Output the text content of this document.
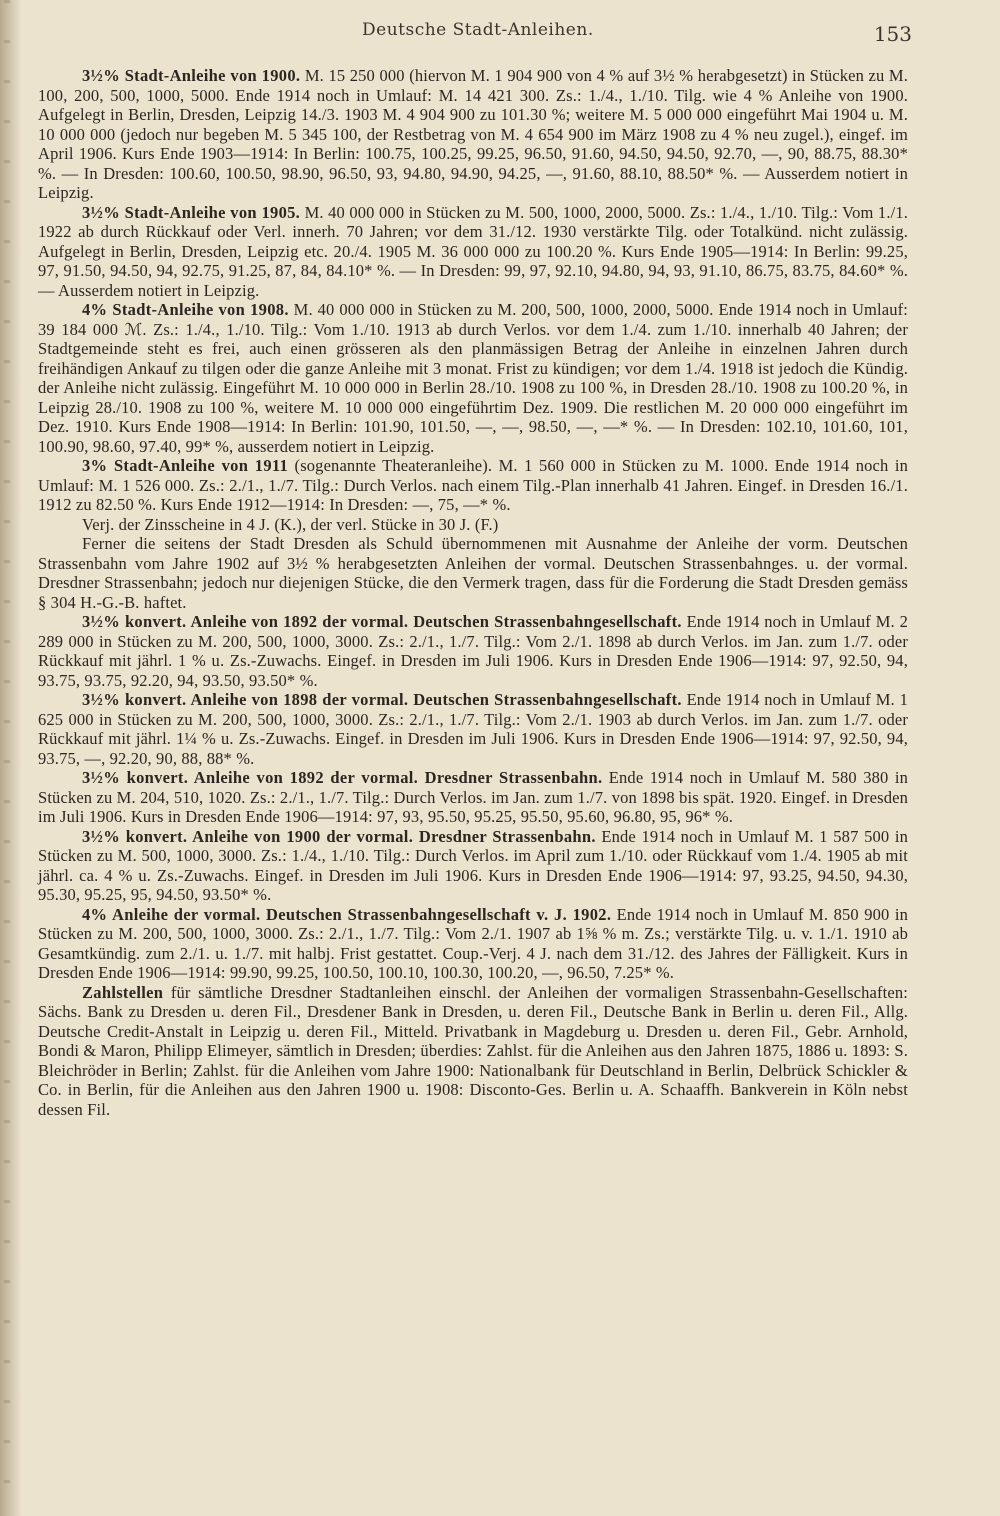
Deutsche Stadt-Anleihen.	153

3½% Stadt-Anleihe von 1900. M. 15 250 000 (hiervon M. 1 904 900 von 4 % auf 3½ % herabgesetzt) in Stücken zu M. 100, 200, 500, 1000, 5000. Ende 1914 noch in Umlauf: M. 14 421 300. Zs.: 1./4., 1./10. Tilg. wie 4 % Anleihe von 1900. Aufgelegt in Berlin, Dresden, Leipzig 14./3. 1903 M. 4 904 900 zu 101.30 %; weitere M. 5 000 000 eingeführt Mai 1904 u. M. 10 000 000 (jedoch nur begeben M. 5 345 100, der Restbetrag von M. 4 654 900 im März 1908 zu 4 % neu zugel.), eingef. im April 1906. Kurs Ende 1903—1914: In Berlin: 100.75, 100.25, 99.25, 96.50, 91.60, 94.50, 94.50, 92.70, —, 90, 88.75, 88.30* %. — In Dresden: 100.60, 100.50, 98.90, 96.50, 93, 94.80, 94.90, 94.25, —, 91.60, 88.10, 88.50* %. — Ausserdem notiert in Leipzig.

3½% Stadt-Anleihe von 1905. M. 40 000 000 in Stücken zu M. 500, 1000, 2000, 5000. Zs.: 1./4., 1./10. Tilg.: Vom 1./1. 1922 ab durch Rückkauf oder Verl. innerh. 70 Jahren; vor dem 31./12. 1930 verstärkte Tilg. oder Totalkünd. nicht zulässig. Aufgelegt in Berlin, Dresden, Leipzig etc. 20./4. 1905 M. 36 000 000 zu 100.20 %. Kurs Ende 1905—1914: In Berlin: 99.25, 97, 91.50, 94.50, 94, 92.75, 91.25, 87, 84, 84.10* %. — In Dresden: 99, 97, 92.10, 94.80, 94, 93, 91.10, 86.75, 83.75, 84.60* %. — Ausserdem notiert in Leipzig.

4% Stadt-Anleihe von 1908. M. 40 000 000 in Stücken zu M. 200, 500, 1000, 2000, 5000. Ende 1914 noch in Umlauf: 39 184 000 ℳ. Zs.: 1./4., 1./10. Tilg.: Vom 1./10. 1913 ab durch Verlos. vor dem 1./4. zum 1./10. innerhalb 40 Jahren; der Stadtgemeinde steht es frei, auch einen grösseren als den planmässigen Betrag der Anleihe in einzelnen Jahren durch freihändigen Ankauf zu tilgen oder die ganze Anleihe mit 3 monat. Frist zu kündigen; vor dem 1./4. 1918 ist jedoch die Kündig. der Anleihe nicht zulässig. Eingeführt M. 10 000 000 in Berlin 28./10. 1908 zu 100 %, in Dresden 28./10. 1908 zu 100.20 %, in Leipzig 28./10. 1908 zu 100 %, weitere M. 10 000 000 eingeführtim Dez. 1909. Die restlichen M. 20 000 000 eingeführt im Dez. 1910. Kurs Ende 1908—1914: In Berlin: 101.90, 101.50, —, —, 98.50, —, —* %. — In Dresden: 102.10, 101.60, 101, 100.90, 98.60, 97.40, 99* %, ausserdem notiert in Leipzig.

3% Stadt-Anleihe von 1911 (sogenannte Theateranleihe). M. 1 560 000 in Stücken zu M. 1000. Ende 1914 noch in Umlauf: M. 1 526 000. Zs.: 2./1., 1./7. Tilg.: Durch Verlos. nach einem Tilg.-Plan innerhalb 41 Jahren. Eingef. in Dresden 16./1. 1912 zu 82.50 %. Kurs Ende 1912—1914: In Dresden: —, 75, —* %.

Verj. der Zinsscheine in 4 J. (K.), der verl. Stücke in 30 J. (F.)

Ferner die seitens der Stadt Dresden als Schuld übernommenen mit Ausnahme der Anleihe der vorm. Deutschen Strassenbahn vom Jahre 1902 auf 3½ % herabgesetzten Anleihen der vormal. Deutschen Strassenbahnges. u. der vormal. Dresdner Strassenbahn; jedoch nur diejenigen Stücke, die den Vermerk tragen, dass für die Forderung die Stadt Dresden gemäss § 304 H.-G.-B. haftet.

3½% konvert. Anleihe von 1892 der vormal. Deutschen Strassenbahngesellschaft. Ende 1914 noch in Umlauf M. 2 289 000 in Stücken zu M. 200, 500, 1000, 3000. Zs.: 2./1., 1./7. Tilg.: Vom 2./1. 1898 ab durch Verlos. im Jan. zum 1./7. oder Rückkauf mit jährl. 1 % u. Zs.-Zuwachs. Eingef. in Dresden im Juli 1906. Kurs in Dresden Ende 1906—1914: 97, 92.50, 94, 93.75, 93.75, 92.20, 94, 93.50, 93.50* %.

3½% konvert. Anleihe von 1898 der vormal. Deutschen Strassenbahngesellschaft. Ende 1914 noch in Umlauf M. 1 625 000 in Stücken zu M. 200, 500, 1000, 3000. Zs.: 2./1., 1./7. Tilg.: Vom 2./1. 1903 ab durch Verlos. im Jan. zum 1./7. oder Rückkauf mit jährl. 1¼ % u. Zs.-Zuwachs. Eingef. in Dresden im Juli 1906. Kurs in Dresden Ende 1906—1914: 97, 92.50, 94, 93.75, —, 92.20, 90, 88, 88* %.

3½% konvert. Anleihe von 1892 der vormal. Dresdner Strassenbahn. Ende 1914 noch in Umlauf M. 580 380 in Stücken zu M. 204, 510, 1020. Zs.: 2./1., 1./7. Tilg.: Durch Verlos. im Jan. zum 1./7. von 1898 bis spät. 1920. Eingef. in Dresden im Juli 1906. Kurs in Dresden Ende 1906—1914: 97, 93, 95.50, 95.25, 95.50, 95.60, 96.80, 95, 96* %.

3½% konvert. Anleihe von 1900 der vormal. Dresdner Strassenbahn. Ende 1914 noch in Umlauf M. 1 587 500 in Stücken zu M. 500, 1000, 3000. Zs.: 1./4., 1./10. Tilg.: Durch Verlos. im April zum 1./10. oder Rückkauf vom 1./4. 1905 ab mit jährl. ca. 4 % u. Zs.-Zuwachs. Eingef. in Dresden im Juli 1906. Kurs in Dresden Ende 1906—1914: 97, 93.25, 94.50, 94.30, 95.30, 95.25, 95, 94.50, 93.50* %.

4% Anleihe der vormal. Deutschen Strassenbahngesellschaft v. J. 1902. Ende 1914 noch in Umlauf M. 850 900 in Stücken zu M. 200, 500, 1000, 3000. Zs.: 2./1., 1./7. Tilg.: Vom 2./1. 1907 ab 1⅝ % m. Zs.; verstärkte Tilg. u. v. 1./1. 1910 ab Gesamtkündig. zum 2./1. u. 1./7. mit halbj. Frist gestattet. Coup.-Verj. 4 J. nach dem 31./12. des Jahres der Fälligkeit. Kurs in Dresden Ende 1906—1914: 99.90, 99.25, 100.50, 100.10, 100.30, 100.20, —, 96.50, 7.25* %.

Zahlstellen für sämtliche Dresdner Stadtanleihen einschl. der Anleihen der vormaligen Strassenbahn-Gesellschaften: Sächs. Bank zu Dresden u. deren Fil., Dresdener Bank in Dresden, u. deren Fil., Deutsche Bank in Berlin u. deren Fil., Allg. Deutsche Credit-Anstalt in Leipzig u. deren Fil., Mitteld. Privatbank in Magdeburg u. Dresden u. deren Fil., Gebr. Arnhold, Bondi & Maron, Philipp Elimeyer, sämtlich in Dresden; überdies: Zahlst. für die Anleihen aus den Jahren 1875, 1886 u. 1893: S. Bleichröder in Berlin; Zahlst. für die Anleihen vom Jahre 1900: Nationalbank für Deutschland in Berlin, Delbrück Schickler & Co. in Berlin, für die Anleihen aus den Jahren 1900 u. 1908: Disconto-Ges. Berlin u. A. Schaaffh. Bankverein in Köln nebst dessen Fil.
